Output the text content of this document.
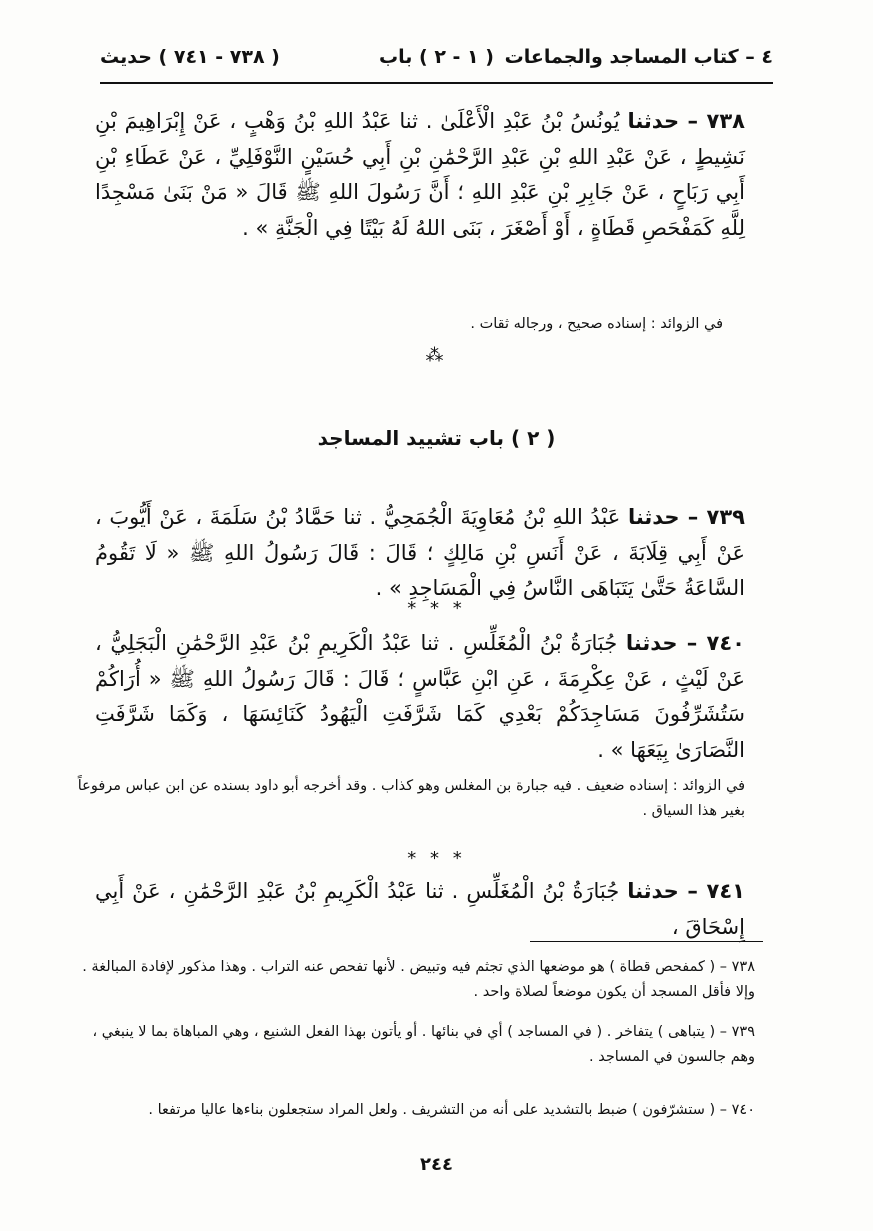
٤ – كتاب المساجد والجماعات
( ١ - ٢ ) باب
( ٧٣٨ - ٧٤١ ) حديث
٧٣٨ – حدثنا يُونُسُ بْنُ عَبْدِ الْأَعْلَىٰ . ثنا عَبْدُ اللهِ بْنُ وَهْبٍ ، عَنْ إِبْرَاهِيمَ بْنِ نَشِيطٍ ، عَنْ عَبْدِ اللهِ بْنِ عَبْدِ الرَّحْمَٰنِ بْنِ أَبِي حُسَيْنٍ النَّوْفَلِيِّ ، عَنْ عَطَاءِ بْنِ أَبِي رَبَاحٍ ، عَنْ جَابِرِ بْنِ عَبْدِ اللهِ ؛ أَنَّ رَسُولَ اللهِ ﷺ قَالَ « مَنْ بَنَىٰ مَسْجِدًا لِلَّهِ كَمَفْحَصِ قَطَاةٍ ، أَوْ أَصْغَرَ ، بَنَى اللهُ لَهُ بَيْتًا فِي الْجَنَّةِ » .
في الزوائد : إسناده صحيح ، ورجاله ثقات .
⁂
( ٢ ) باب تشييد المساجد
٧٣٩ – حدثنا عَبْدُ اللهِ بْنُ مُعَاوِيَةَ الْجُمَحِيُّ . ثنا حَمَّادُ بْنُ سَلَمَةَ ، عَنْ أَيُّوبَ ، عَنْ أَبِي قِلَابَةَ ، عَنْ أَنَسِ بْنِ مَالِكٍ ؛ قَالَ : قَالَ رَسُولُ اللهِ ﷺ « لَا تَقُومُ السَّاعَةُ حَتَّىٰ يَتَبَاهَى النَّاسُ فِي الْمَسَاجِدِ » .
* * *
٧٤٠ – حدثنا جُبَارَةُ بْنُ الْمُغَلِّسِ . ثنا عَبْدُ الْكَرِيمِ بْنُ عَبْدِ الرَّحْمَٰنِ الْبَجَلِيُّ ، عَنْ لَيْثٍ ، عَنْ عِكْرِمَةَ ، عَنِ ابْنِ عَبَّاسٍ ؛ قَالَ : قَالَ رَسُولُ اللهِ ﷺ « أُرَاكُمْ سَتُشَرِّفُونَ مَسَاجِدَكُمْ بَعْدِي كَمَا شَرَّفَتِ الْيَهُودُ كَنَائِسَهَا ، وَكَمَا شَرَّفَتِ النَّصَارَىٰ بِيَعَهَا » .
في الزوائد : إسناده ضعيف . فيه جبارة بن المغلس وهو كذاب . وقد أخرجه أبو داود بسنده عن ابن عباس مرفوعاً بغير هذا السياق .
* * *
٧٤١ – حدثنا جُبَارَةُ بْنُ الْمُغَلِّسِ . ثنا عَبْدُ الْكَرِيمِ بْنُ عَبْدِ الرَّحْمَٰنِ ، عَنْ أَبِي إِسْحَاقَ ،
٧٣٨ – ( كمفحص قطاة ) هو موضعها الذي تجثم فيه وتبيض . لأنها تفحص عنه التراب . وهذا مذكور لإفادة المبالغة . وإلا فأقل المسجد أن يكون موضعاً لصلاة واحد .
٧٣٩ – ( يتباهى ) يتفاخر . ( في المساجد ) أي في بنائها . أو يأتون بهذا الفعل الشنيع ، وهي المباهاة بما لا ينبغي ، وهم جالسون في المساجد .
٧٤٠ – ( ستشرّفون ) ضبط بالتشديد على أنه من التشريف . ولعل المراد ستجعلون بناءها عاليا مرتفعا .
٢٤٤
